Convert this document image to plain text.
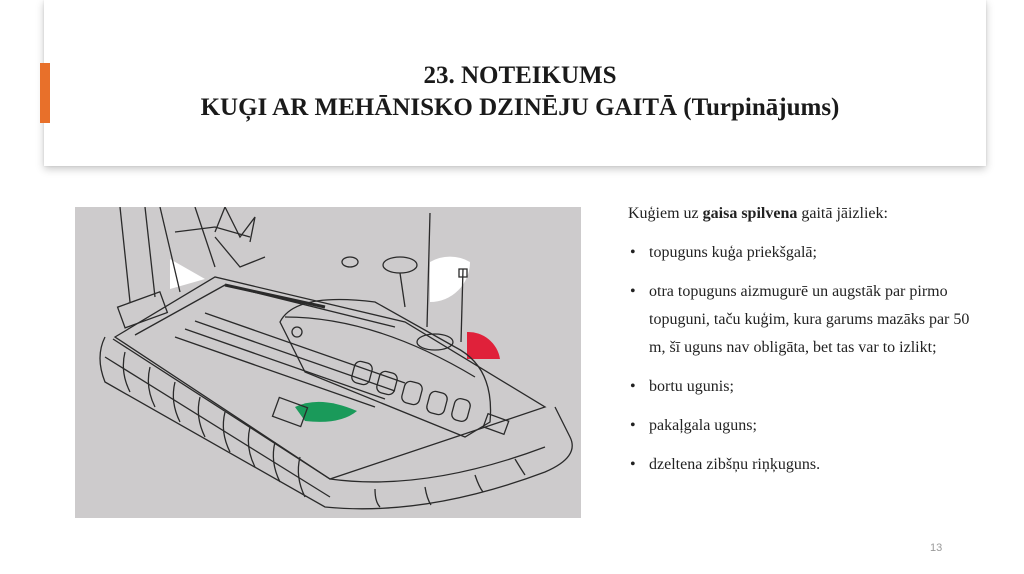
23. NOTEIKUMS
KUĢI AR MEHĀNISKO DZINĒJU GAITĀ (Turpinājums)

Kuģiem uz gaisa spilvena gaitā jāizliek:

• topuguns kuģa priekšgalā;
• otra topuguns aizmugurē un augstāk par pirmo topuguni, taču kuģim, kura garums mazāks par 50 m, šī uguns nav obligāta, bet tas var to izlikt;
• bortu ugunis;
• pakaļgala uguns;
• dzeltena zibšņu riņķuguns.
13
